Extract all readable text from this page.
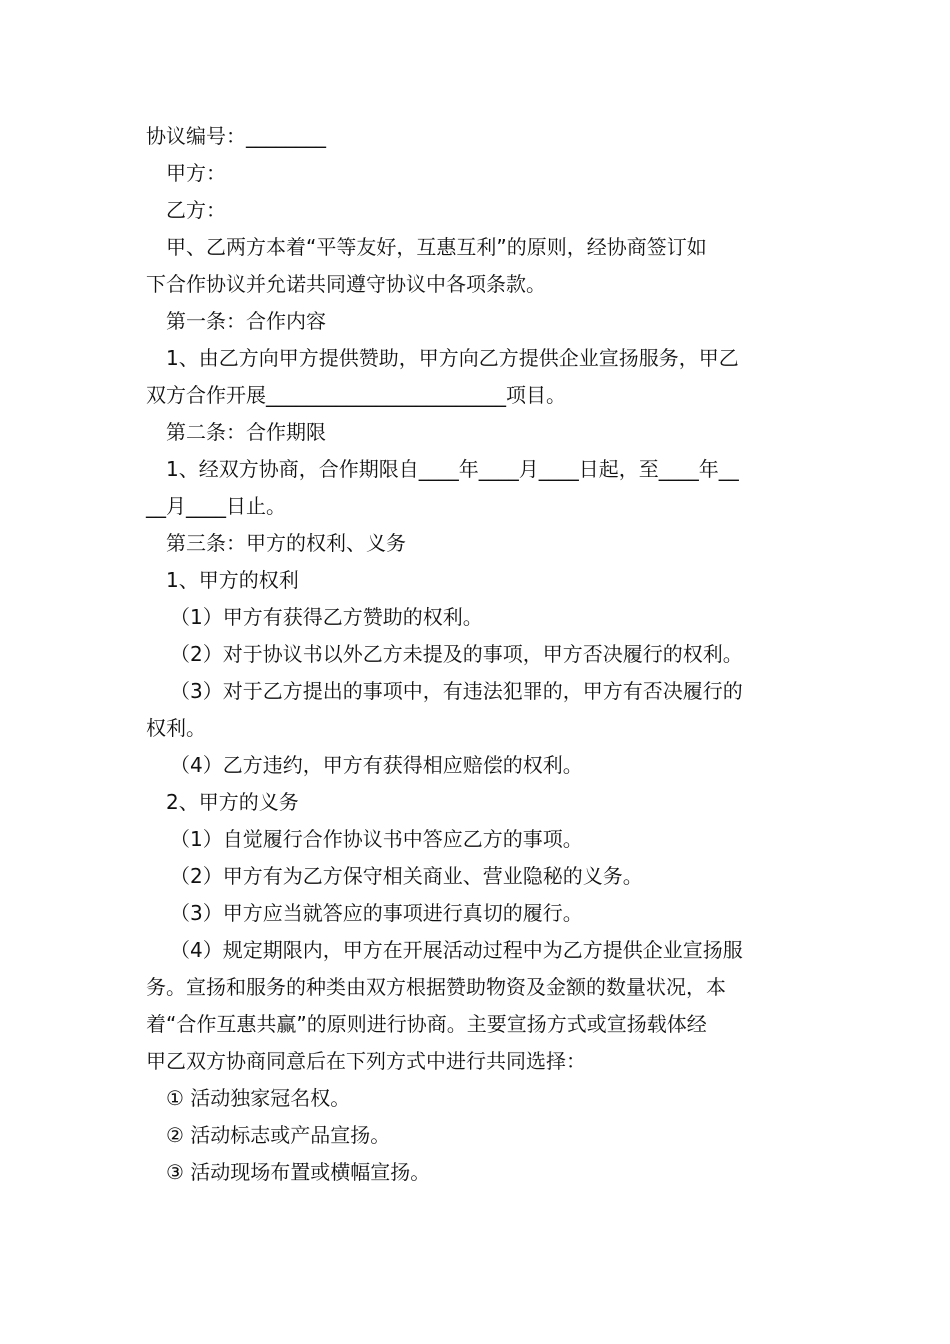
协议编号：________

甲方：

乙方：

甲、乙两方本着“平等友好，互惠互利”的原则，经协商签订如

下合作协议并允诺共同遵守协议中各项条款。

第一条：合作内容

1、由乙方向甲方提供赞助，甲方向乙方提供企业宣扬服务，甲乙

双方合作开展________________________项目。

第二条：合作期限

1、经双方协商，合作期限自____年____月____日起，至____年__

__月____日止。

第三条：甲方的权利、义务

1、甲方的权利

（1）甲方有获得乙方赞助的权利。

（2）对于协议书以外乙方未提及的事项，甲方否决履行的权利。

（3）对于乙方提出的事项中，有违法犯罪的，甲方有否决履行的

权利。

（4）乙方违约，甲方有获得相应赔偿的权利。

2、甲方的义务

（1）自觉履行合作协议书中答应乙方的事项。

（2）甲方有为乙方保守相关商业、营业隐秘的义务。

（3）甲方应当就答应的事项进行真切的履行。

（4）规定期限内，甲方在开展活动过程中为乙方提供企业宣扬服

务。宣扬和服务的种类由双方根据赞助物资及金额的数量状况，本

着“合作互惠共赢”的原则进行协商。主要宣扬方式或宣扬载体经

甲乙双方协商同意后在下列方式中进行共同选择：

① 活动独家冠名权。

② 活动标志或产品宣扬。

③ 活动现场布置或横幅宣扬。
